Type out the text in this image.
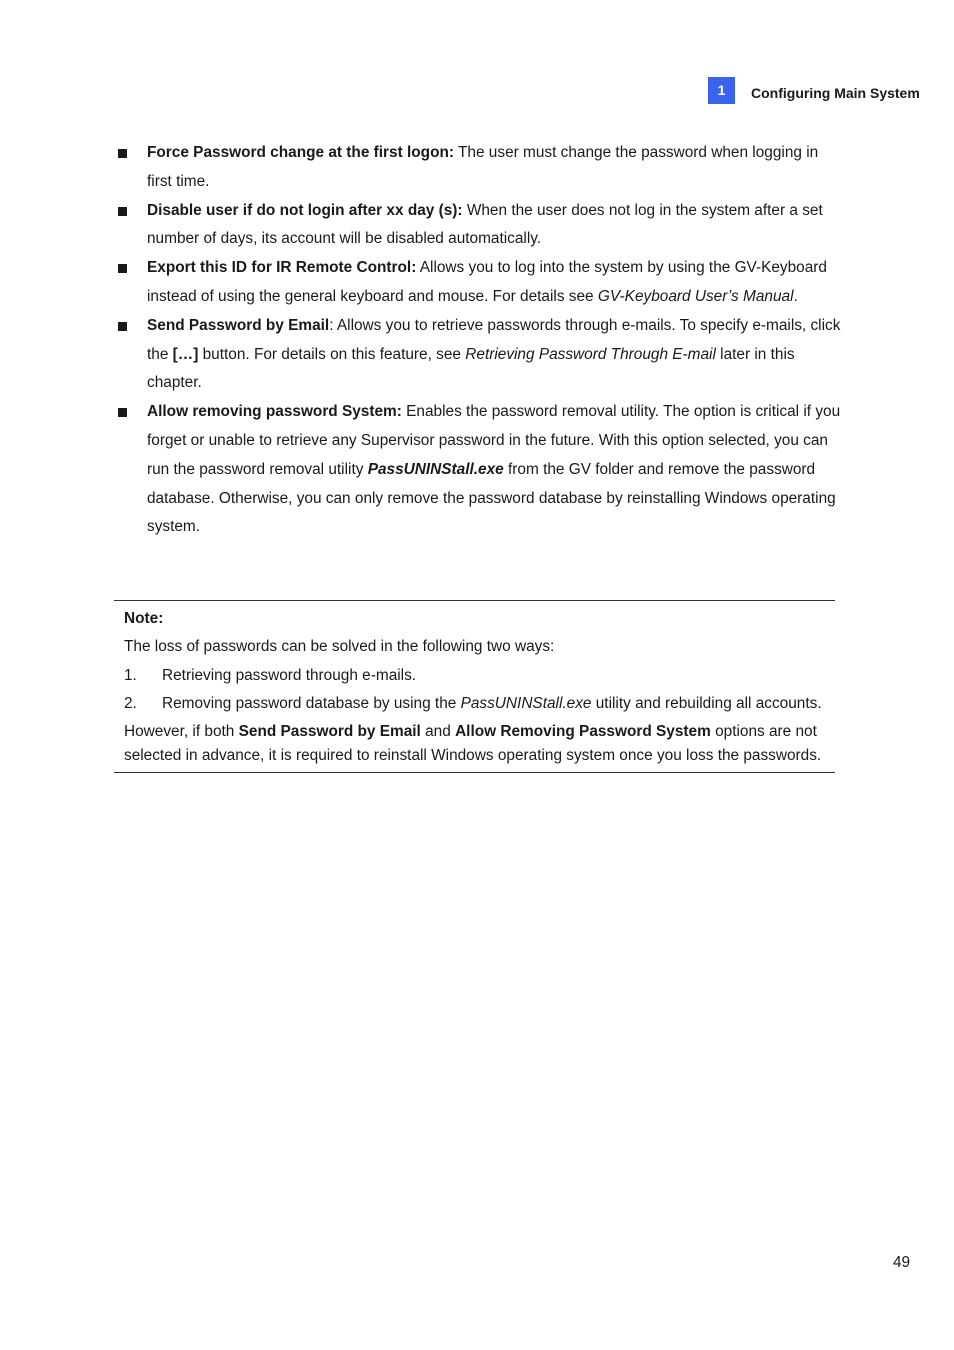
1	Configuring Main System
Force Password change at the first logon: The user must change the password when logging in first time.
Disable user if do not login after xx day (s): When the user does not log in the system after a set number of days, its account will be disabled automatically.
Export this ID for IR Remote Control: Allows you to log into the system by using the GV-Keyboard instead of using the general keyboard and mouse. For details see GV-Keyboard User’s Manual.
Send Password by Email: Allows you to retrieve passwords through e-mails. To specify e-mails, click the […] button. For details on this feature, see Retrieving Password Through E-mail later in this chapter.
Allow removing password System: Enables the password removal utility. The option is critical if you forget or unable to retrieve any Supervisor password in the future. With this option selected, you can run the password removal utility PassUNINStall.exe from the GV folder and remove the password database. Otherwise, you can only remove the password database by reinstalling Windows operating system.
Note:
The loss of passwords can be solved in the following two ways:
1. Retrieving password through e-mails.
2. Removing password database by using the PassUNINStall.exe utility and rebuilding all accounts.
However, if both Send Password by Email and Allow Removing Password System options are not selected in advance, it is required to reinstall Windows operating system once you loss the passwords.
49
